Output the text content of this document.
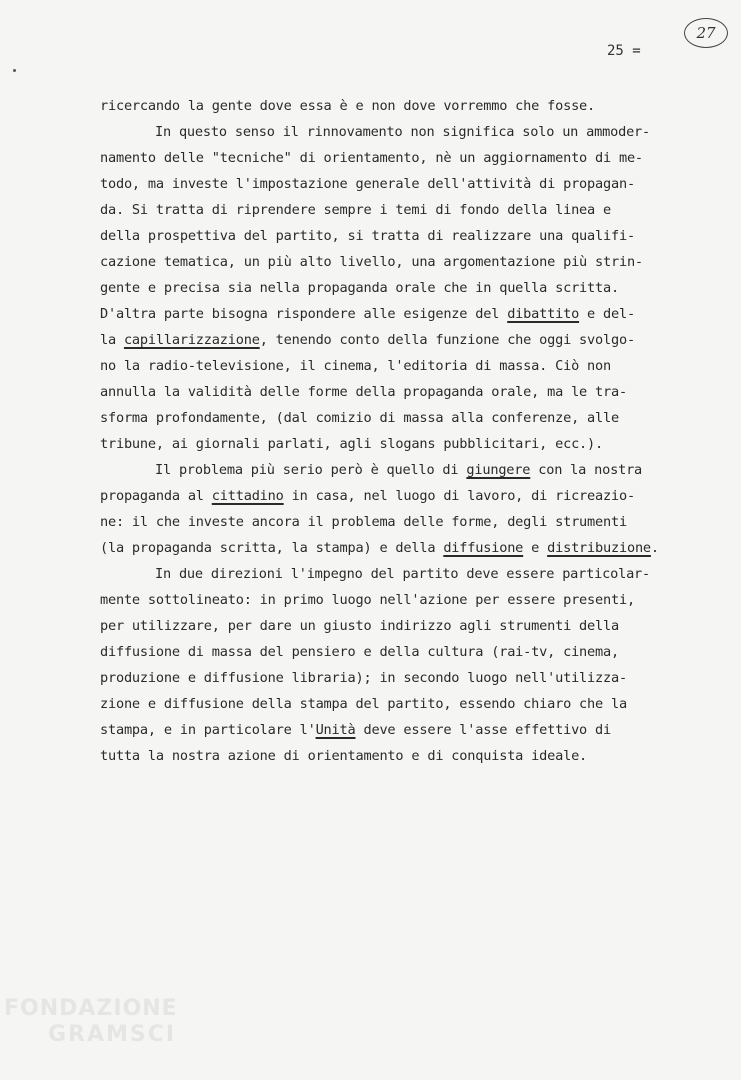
25 =
27
ricercando la gente dove essa è e non dove vorremmo che fosse.
In questo senso il rinnovamento non significa solo un ammoder-
namento delle "tecniche" di orientamento, nè un aggiornamento di me-
todo, ma investe l'impostazione generale dell'attività di propagan-
da. Si tratta di riprendere sempre i temi di fondo della linea e
della prospettiva del partito, si tratta di realizzare una qualifi-
cazione tematica, un più alto livello, una argomentazione più strin-
gente e precisa sia nella propaganda orale che in quella scritta.
D'altra parte bisogna rispondere alle esigenze del dibattito e del-
la capillarizzazione, tenendo conto della funzione che oggi svolgo-
no la radio-televisione, il cinema, l'editoria di massa. Ciò non
annulla la validità delle forme della propaganda orale, ma le tra-
sforma profondamente, (dal comizio di massa alla conferenze, alle
tribune, ai giornali parlati, agli slogans pubblicitari, ecc.).
Il problema più serio però è quello di giungere con la nostra
propaganda al cittadino in casa, nel luogo di lavoro, di ricreazio-
ne: il che investe ancora il problema delle forme, degli strumenti
(la propaganda scritta, la stampa) e della diffusione e distribuzione.
In due direzioni l'impegno del partito deve essere particolar-
mente sottolineato: in primo luogo nell'azione per essere presenti,
per utilizzare, per dare un giusto indirizzo agli strumenti della
diffusione di massa del pensiero e della cultura (rai-tv, cinema,
produzione e diffusione libraria); in secondo luogo nell'utilizza-
zione e diffusione della stampa del partito, essendo chiaro che la
stampa, e in particolare l'Unità deve essere l'asse effettivo di
tutta la nostra azione di orientamento e di conquista ideale.
FONDAZIONE
GRAMSCI
